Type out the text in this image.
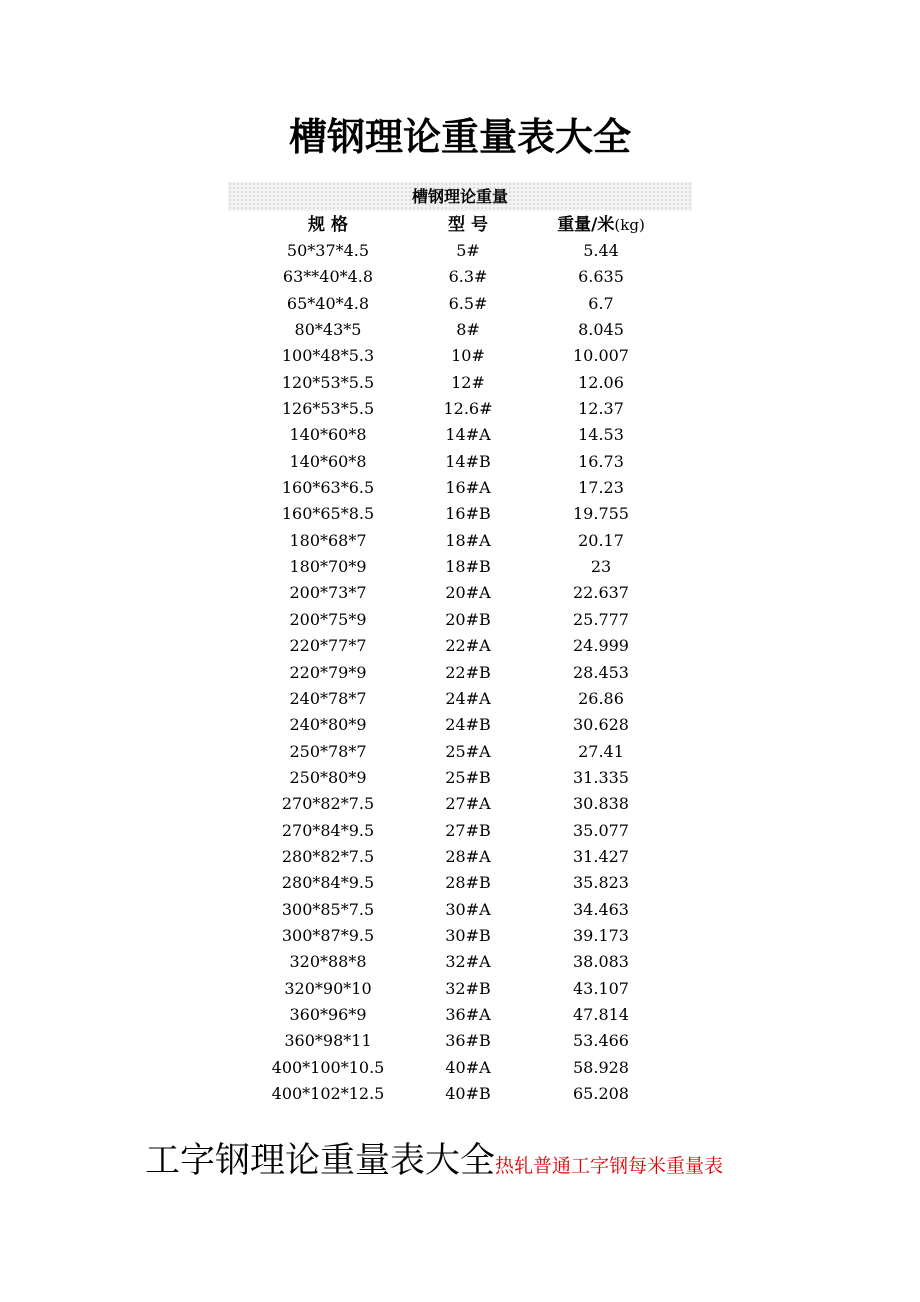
槽钢理论重量表大全
槽钢理论重量
规 格	型 号	重量/米(kg)
50*37*4.5	5#	5.44
63**40*4.8	6.3#	6.635
65*40*4.8	6.5#	6.7
80*43*5	8#	8.045
100*48*5.3	10#	10.007
120*53*5.5	12#	12.06
126*53*5.5	12.6#	12.37
140*60*8	14#A	14.53
140*60*8	14#B	16.73
160*63*6.5	16#A	17.23
160*65*8.5	16#B	19.755
180*68*7	18#A	20.17
180*70*9	18#B	23
200*73*7	20#A	22.637
200*75*9	20#B	25.777
220*77*7	22#A	24.999
220*79*9	22#B	28.453
240*78*7	24#A	26.86
240*80*9	24#B	30.628
250*78*7	25#A	27.41
250*80*9	25#B	31.335
270*82*7.5	27#A	30.838
270*84*9.5	27#B	35.077
280*82*7.5	28#A	31.427
280*84*9.5	28#B	35.823
300*85*7.5	30#A	34.463
300*87*9.5	30#B	39.173
320*88*8	32#A	38.083
320*90*10	32#B	43.107
360*96*9	36#A	47.814
360*98*11	36#B	53.466
400*100*10.5	40#A	58.928
400*102*12.5	40#B	65.208
工字钢理论重量表大全热轧普通工字钢每米重量表
